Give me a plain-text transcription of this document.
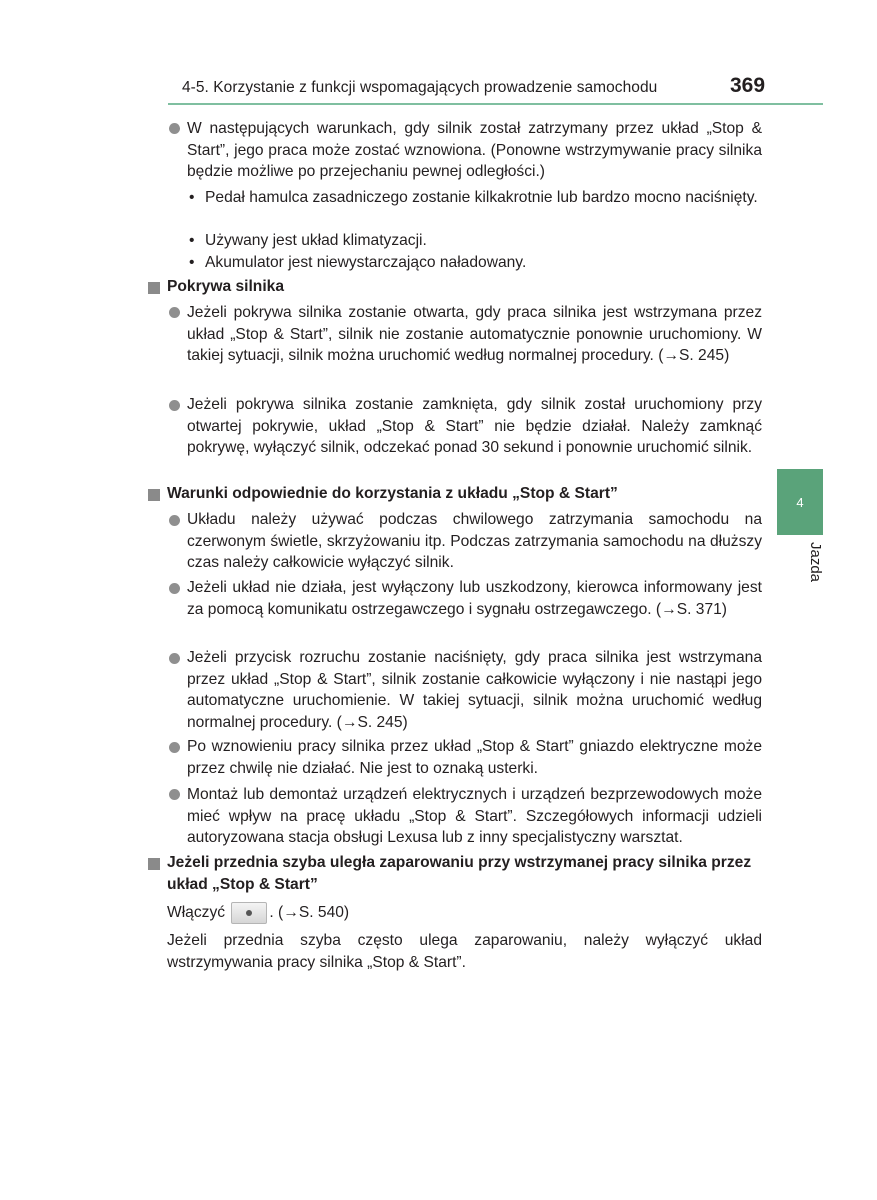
4-5. Korzystanie z funkcji wspomagających prowadzenie samochodu	369
4
Jazda
W następujących warunkach, gdy silnik został zatrzymany przez układ „Stop & Start”, jego praca może zostać wznowiona. (Ponowne wstrzymywanie pracy silnika będzie możliwe po przejechaniu pewnej odległości.)
• Pedał hamulca zasadniczego zostanie kilkakrotnie lub bardzo mocno naciśnięty.
• Używany jest układ klimatyzacji.
• Akumulator jest niewystarczająco naładowany.
Pokrywa silnika
Jeżeli pokrywa silnika zostanie otwarta, gdy praca silnika jest wstrzymana przez układ „Stop & Start”, silnik nie zostanie automatycznie ponownie uruchomiony. W takiej sytuacji, silnik można uruchomić według normalnej procedury. (→S. 245)
Jeżeli pokrywa silnika zostanie zamknięta, gdy silnik został uruchomiony przy otwartej pokrywie, układ „Stop & Start” nie będzie działał. Należy zamknąć pokrywę, wyłączyć silnik, odczekać ponad 30 sekund i ponownie uruchomić silnik.
Warunki odpowiednie do korzystania z układu „Stop & Start”
Układu należy używać podczas chwilowego zatrzymania samochodu na czerwonym świetle, skrzyżowaniu itp. Podczas zatrzymania samochodu na dłuższy czas należy całkowicie wyłączyć silnik.
Jeżeli układ nie działa, jest wyłączony lub uszkodzony, kierowca informowany jest za pomocą komunikatu ostrzegawczego i sygnału ostrzegawczego. (→S. 371)
Jeżeli przycisk rozruchu zostanie naciśnięty, gdy praca silnika jest wstrzymana przez układ „Stop & Start”, silnik zostanie całkowicie wyłączony i nie nastąpi jego automatyczne uruchomienie. W takiej sytuacji, silnik można uruchomić według normalnej procedury. (→S. 245)
Po wznowieniu pracy silnika przez układ „Stop & Start” gniazdo elektryczne może przez chwilę nie działać. Nie jest to oznaką usterki.
Montaż lub demontaż urządzeń elektrycznych i urządzeń bezprzewodowych może mieć wpływ na pracę układu „Stop & Start”. Szczegółowych informacji udzieli autoryzowana stacja obsługi Lexusa lub z inny specjalistyczny warsztat.
Jeżeli przednia szyba uległa zaparowaniu przy wstrzymanej pracy silnika przez układ „Stop & Start”
Włączyć	. (→S. 540)
Jeżeli przednia szyba często ulega zaparowaniu, należy wyłączyć układ wstrzymywania pracy silnika „Stop & Start”.
